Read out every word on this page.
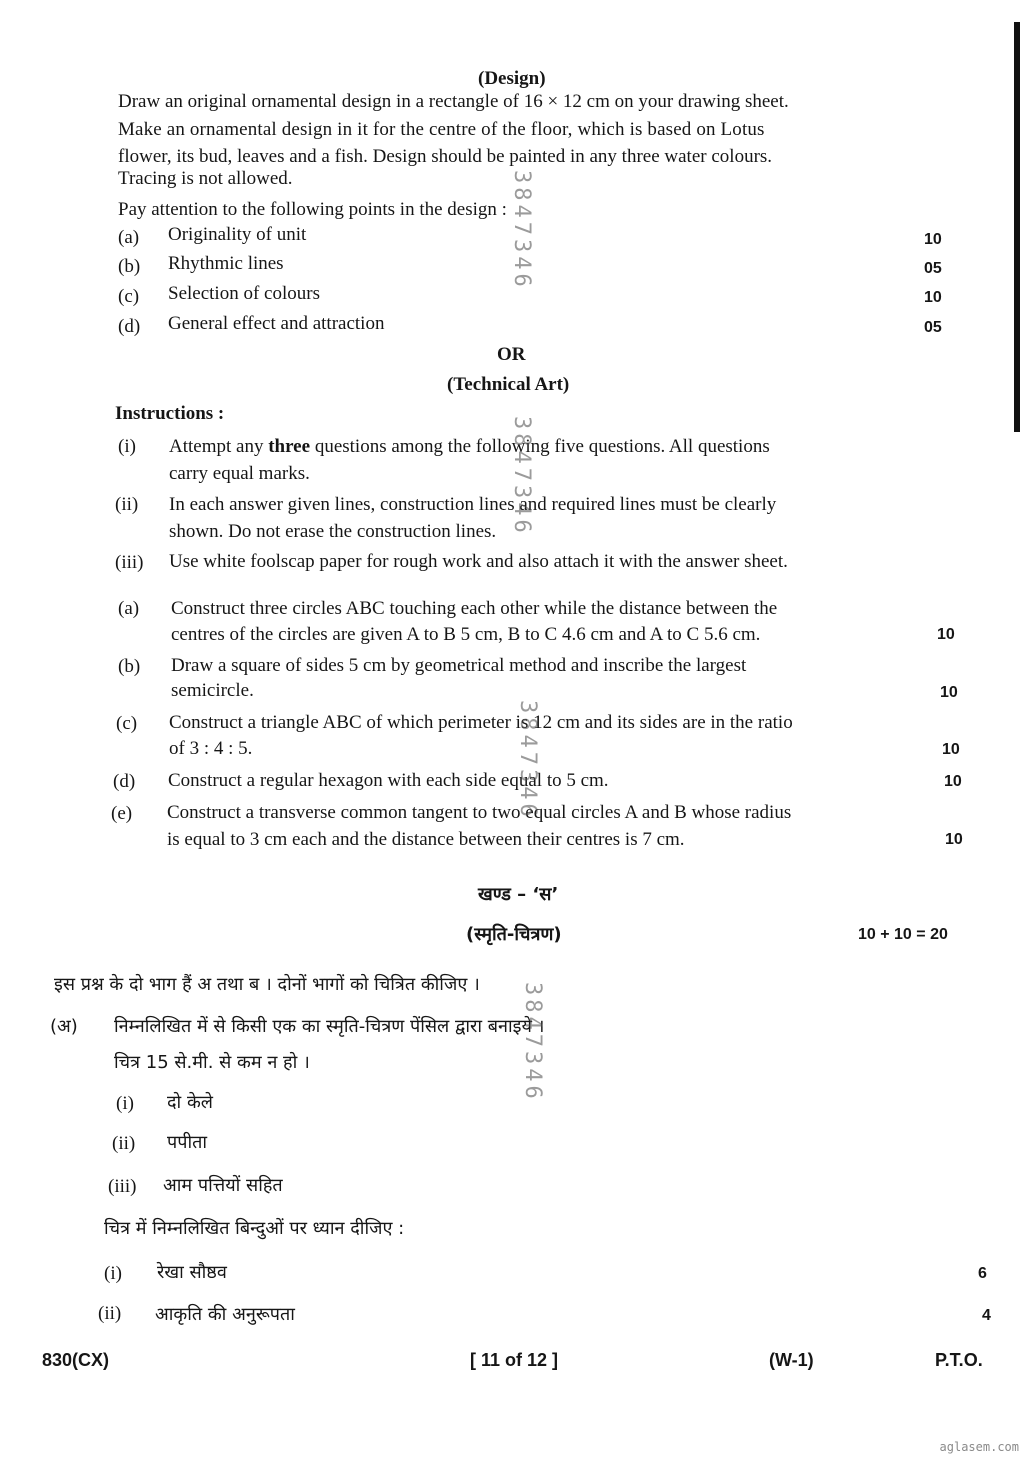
(Design)
Draw an original ornamental design in a rectangle of 16 × 12 cm on your drawing sheet.
Make an ornamental design in it for the centre of the floor, which is based on Lotus
flower, its bud, leaves and a fish. Design should be painted in any three water colours.
Tracing is not allowed.
Pay attention to the following points in the design :
(a) Originality of unit	10
(b) Rhythmic lines	05
(c) Selection of colours	10
(d) General effect and attraction	05
OR
(Technical Art)
Instructions :
(i) Attempt any three questions among the following five questions. All questions
carry equal marks.
(ii) In each answer given lines, construction lines and required lines must be clearly
shown. Do not erase the construction lines.
(iii) Use white foolscap paper for rough work and also attach it with the answer sheet.
(a) Construct three circles ABC touching each other while the distance between the
centres of the circles are given A to B 5 cm, B to C 4.6 cm and A to C 5.6 cm.	10
(b) Draw a square of sides 5 cm by geometrical method and inscribe the largest
semicircle.	10
(c) Construct a triangle ABC of which perimeter is 12 cm and its sides are in the ratio
of 3 : 4 : 5.	10
(d) Construct a regular hexagon with each side equal to 5 cm.	10
(e) Construct a transverse common tangent to two equal circles A and B whose radius
is equal to 3 cm each and the distance between their centres is 7 cm.	10
खण्ड – ‘स’
(स्मृति-चित्रण)	10 + 10 = 20
इस प्रश्न के दो भाग हैं अ तथा ब । दोनों भागों को चित्रित कीजिए ।
(अ) निम्नलिखित में से किसी एक का स्मृति-चित्रण पेंसिल द्वारा बनाइये ।
चित्र 15 से.मी. से कम न हो ।
(i) दो केले
(ii) पपीता
(iii) आम पत्तियों सहित
चित्र में निम्नलिखित बिन्दुओं पर ध्यान दीजिए :
(i) रेखा सौष्ठव	6
(ii) आकृति की अनुरूपता	4
3847346
3847346
3847346
3847346
830(CX)	[ 11 of 12 ]	(W-1)	P.T.O.
aglasem.com
